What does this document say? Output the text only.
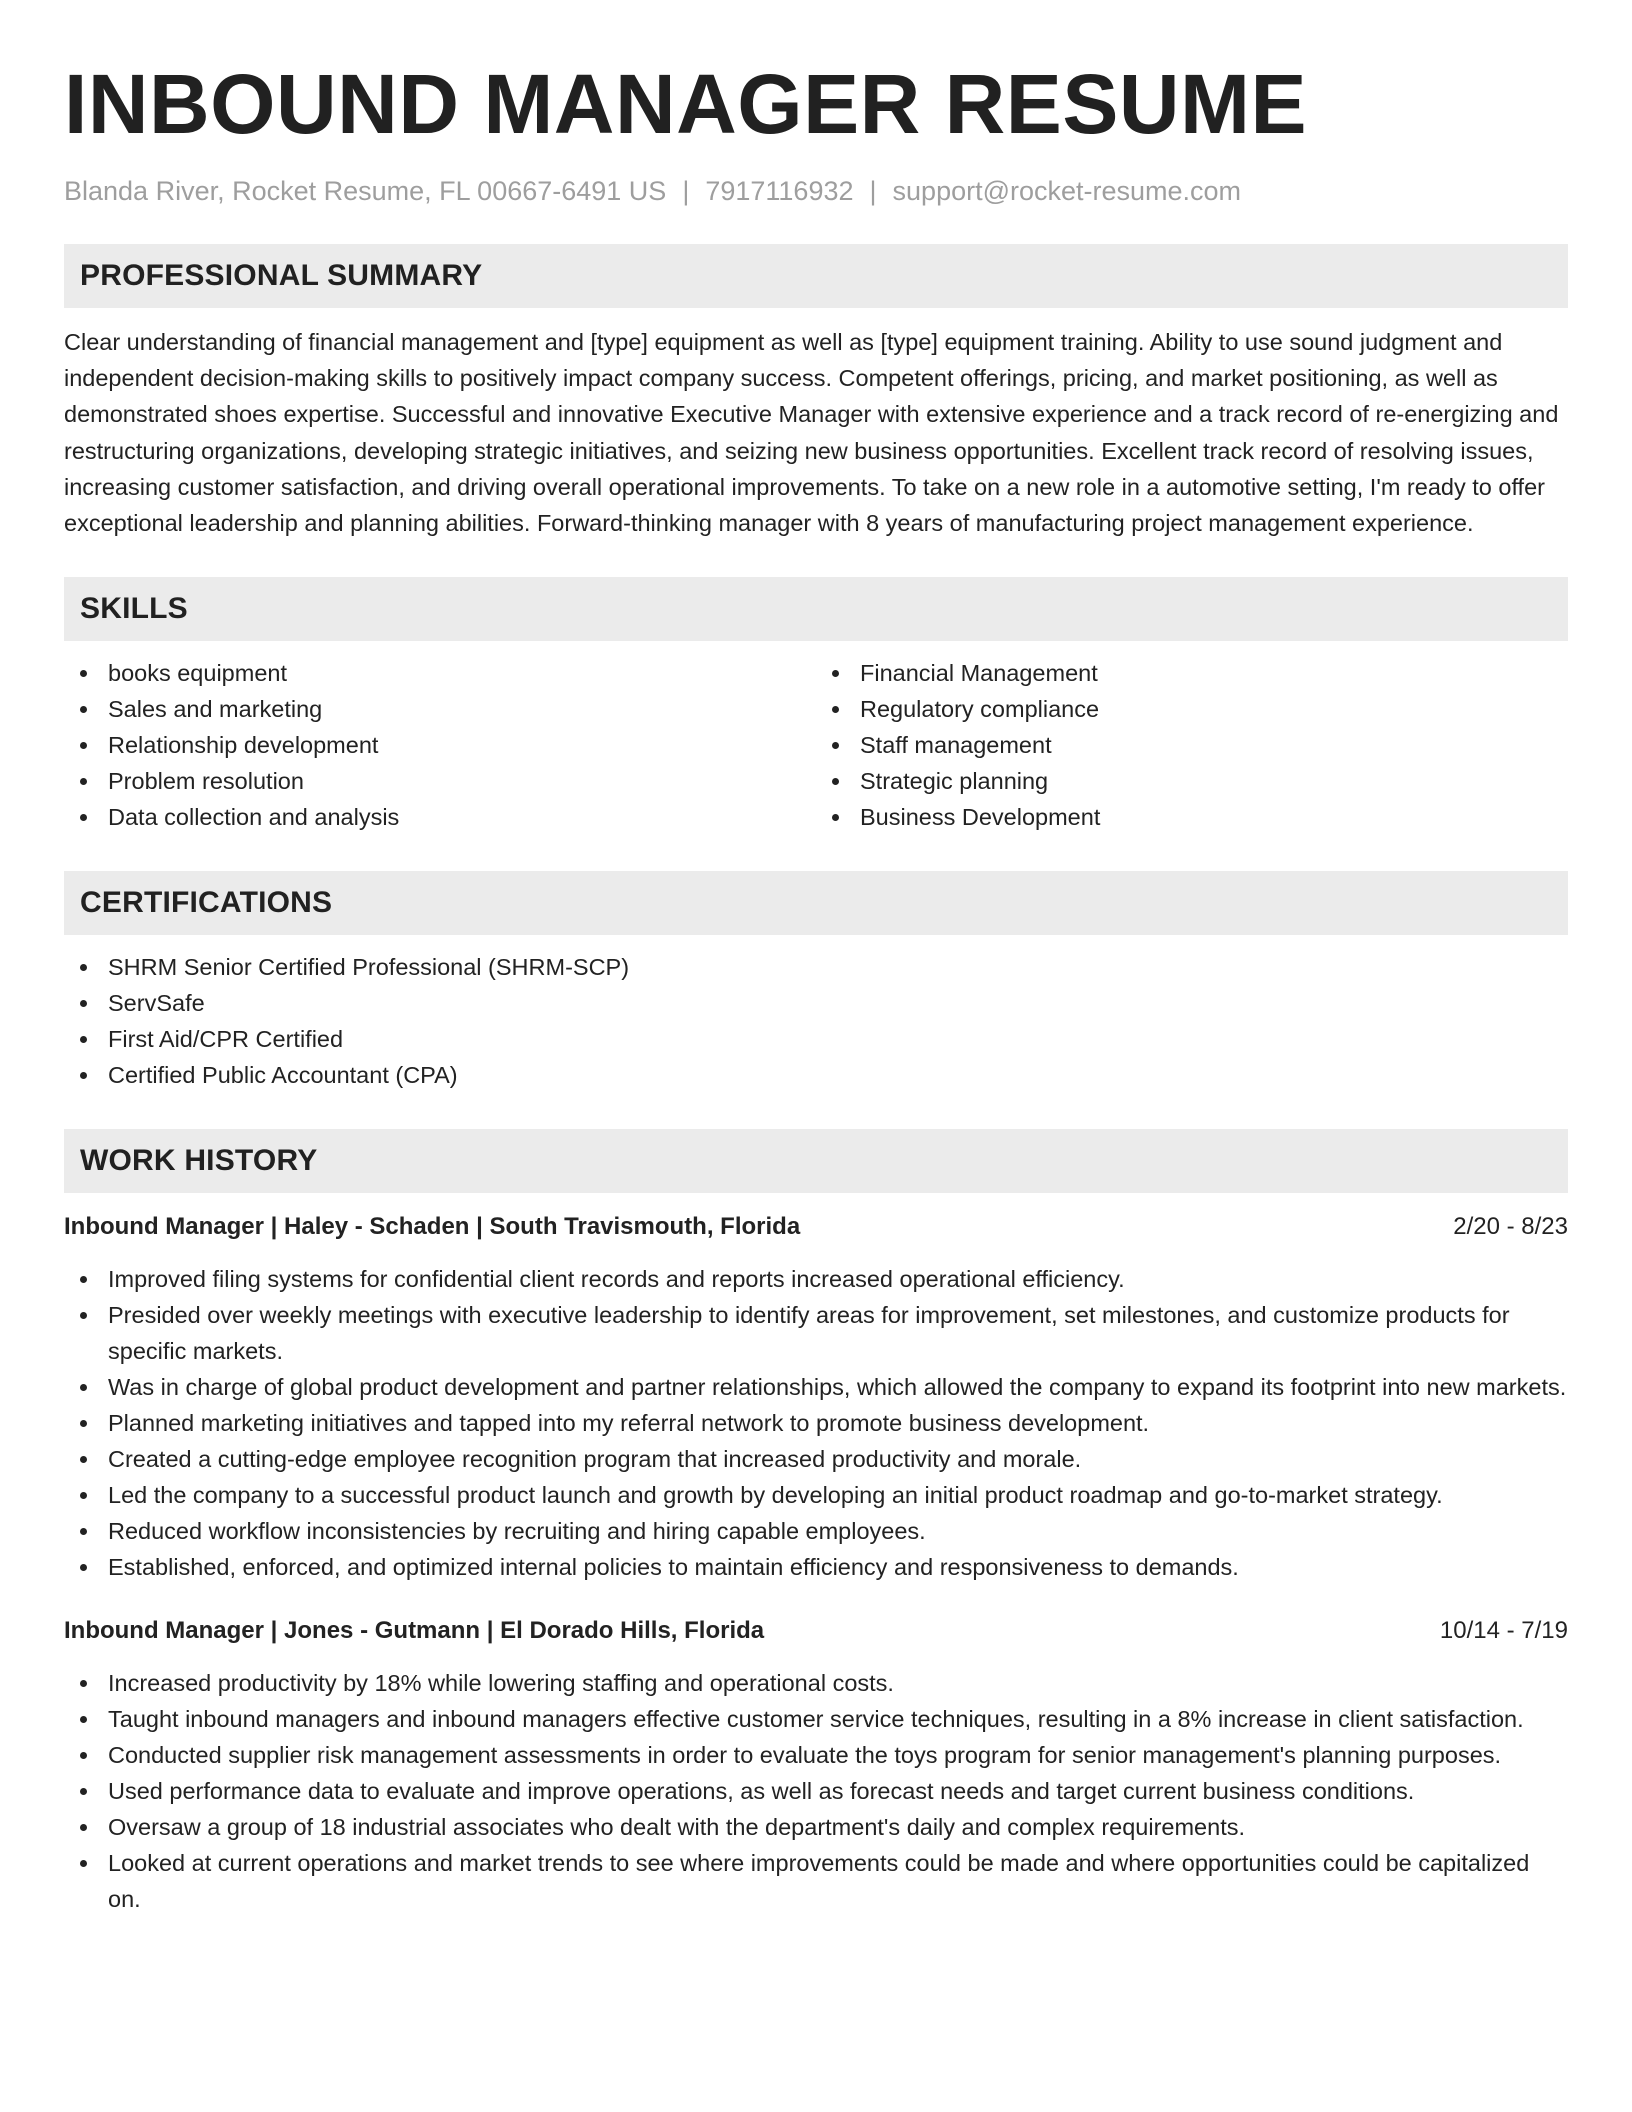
INBOUND MANAGER RESUME
Blanda River, Rocket Resume, FL 00667-6491 US | 7917116932 | support@rocket-resume.com
PROFESSIONAL SUMMARY

Clear understanding of financial management and [type] equipment as well as [type] equipment training. Ability to use sound judgment and independent decision-making skills to positively impact company success. Competent offerings, pricing, and market positioning, as well as demonstrated shoes expertise. Successful and innovative Executive Manager with extensive experience and a track record of re-energizing and restructuring organizations, developing strategic initiatives, and seizing new business opportunities. Excellent track record of resolving issues, increasing customer satisfaction, and driving overall operational improvements. To take on a new role in a automotive setting, I'm ready to offer exceptional leadership and planning abilities. Forward-thinking manager with 8 years of manufacturing project management experience.

SKILLS
books equipment
Sales and marketing
Relationship development
Problem resolution
Data collection and analysis
Financial Management
Regulatory compliance
Staff management
Strategic planning
Business Development
CERTIFICATIONS
SHRM Senior Certified Professional (SHRM-SCP)
ServSafe
First Aid/CPR Certified
Certified Public Accountant (CPA)
WORK HISTORY
Inbound Manager | Haley - Schaden | South Travismouth, Florida	2/20 - 8/23
Improved filing systems for confidential client records and reports increased operational efficiency.
Presided over weekly meetings with executive leadership to identify areas for improvement, set milestones, and customize products for specific markets.
Was in charge of global product development and partner relationships, which allowed the company to expand its footprint into new markets.
Planned marketing initiatives and tapped into my referral network to promote business development.
Created a cutting-edge employee recognition program that increased productivity and morale.
Led the company to a successful product launch and growth by developing an initial product roadmap and go-to-market strategy.
Reduced workflow inconsistencies by recruiting and hiring capable employees.
Established, enforced, and optimized internal policies to maintain efficiency and responsiveness to demands.
Inbound Manager | Jones - Gutmann | El Dorado Hills, Florida	10/14 - 7/19
Increased productivity by 18% while lowering staffing and operational costs.
Taught inbound managers and inbound managers effective customer service techniques, resulting in a 8% increase in client satisfaction.
Conducted supplier risk management assessments in order to evaluate the toys program for senior management's planning purposes.
Used performance data to evaluate and improve operations, as well as forecast needs and target current business conditions.
Oversaw a group of 18 industrial associates who dealt with the department's daily and complex requirements.
Looked at current operations and market trends to see where improvements could be made and where opportunities could be capitalized on.
